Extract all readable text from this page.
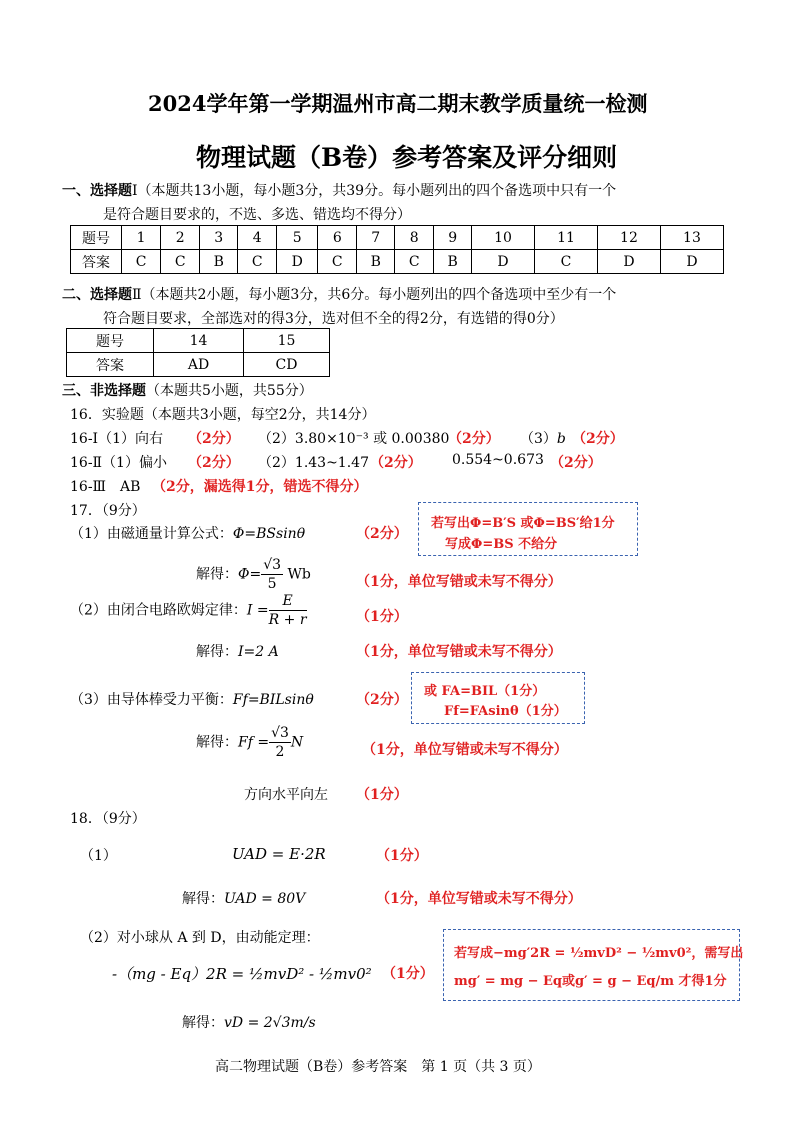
2024学年第一学期温州市高二期末教学质量统一检测
物理试题（B卷）参考答案及评分细则
一、选择题Ⅰ（本题共13小题，每小题3分，共39分。每小题列出的四个备选项中只有一个
是符合题目要求的，不选、多选、错选均不得分）
题号	1	2	3	4	5	6	7	8	9	10	11	12	13
答案	C	C	B	C	D	C	B	C	B	D	C	D	D
二、选择题Ⅱ（本题共2小题，每小题3分，共6分。每小题列出的四个备选项中至少有一个
符合题目要求，全部选对的得3分，选对但不全的得2分，有选错的得0分）
题号	14	15
答案	AD	CD
三、非选择题（本题共5小题，共55分）
16．实验题（本题共3小题，每空2分，共14分）
16-Ⅰ（1）向右 （2分） （2）3.80×10⁻³ 或 0.00380
（2分） （3）b （2分）
16-Ⅱ（1）偏小 （2分） （2）1.43~1.47 （2分） 0.554~0.673 （2分）
16-Ⅲ　AB （2分，漏选得1分，错选不得分）
17．（9分）
（1）由磁通量计算公式：Φ=BSsinθ	（2分）
若写出Φ=B′S 或Φ=BS′给1分
写成Φ=BS 不给分
解得：$\Phi= \frac{√3}{5}$ Wb	（1分，单位写错或未写不得分）
（2）由闭合电路欧姆定律：$I = \frac{E}{R + r}$	（1分）
解得：I=2 A	（1分，单位写错或未写不得分）
（3）由导体棒受力平衡：Ff=BILsinθ	（2分）
或 FA=BIL（1分）
Ff=FAsinθ（1分）
解得：$Ff = \frac{√3}{2}$ N	（1分，单位写错或未写不得分）
方向水平向左 （1分）
18．（9分）
（1）	UAD = E·2R	（1分）
解得：UAD = 80V	（1分，单位写错或未写不得分）
（2）对小球从 A 到 D，由动能定理：
-（mg - Eq）2R = ½mvD² - ½mv0² （1分）
若写成−mg′2R = ½mvD² − ½mv0²，需写出
mg′ = mg − Eq或g′ = g − Eq/m 才得1分
解得：vD = 2√3m/s
高二物理试题（B卷）参考答案　第 1 页（共 3 页）
